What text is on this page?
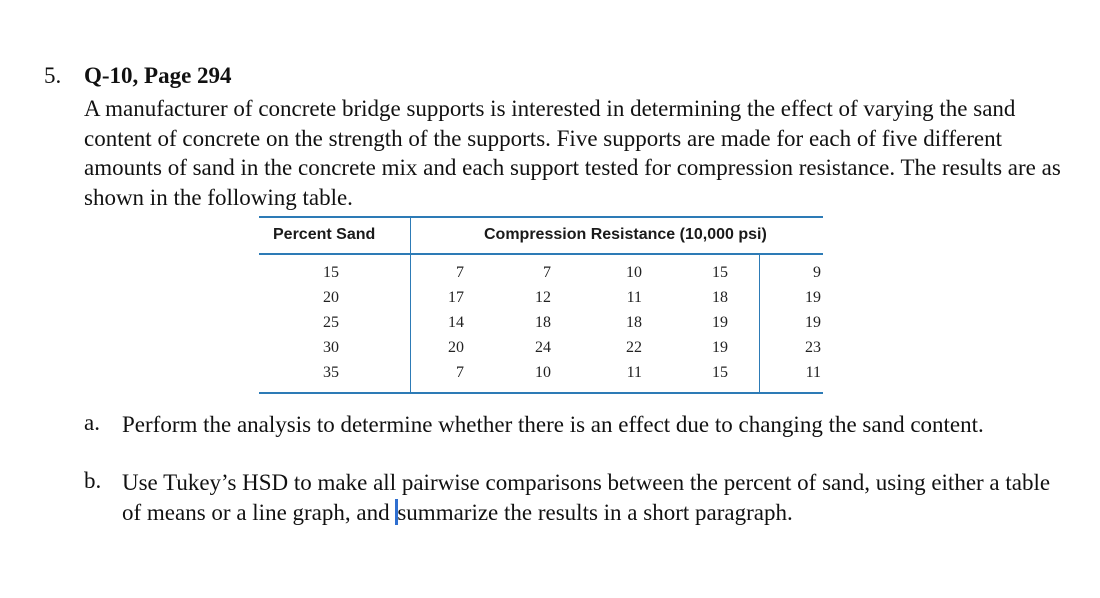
5. Q-10, Page 294
A manufacturer of concrete bridge supports is interested in determining the effect of varying the sand content of concrete on the strength of the supports. Five supports are made for each of five different amounts of sand in the concrete mix and each support tested for compression resistance. The results are as shown in the following table.
Percent Sand	Compression Resistance (10,000 psi)
15	7	7	10	15	9
20	17	12	11	18	19
25	14	18	18	19	19
30	20	24	22	19	23
35	7	10	11	15	11
a. Perform the analysis to determine whether there is an effect due to changing the sand content.
b. Use Tukey’s HSD to make all pairwise comparisons between the percent of sand, using either a table of means or a line graph, and summarize the results in a short paragraph.
